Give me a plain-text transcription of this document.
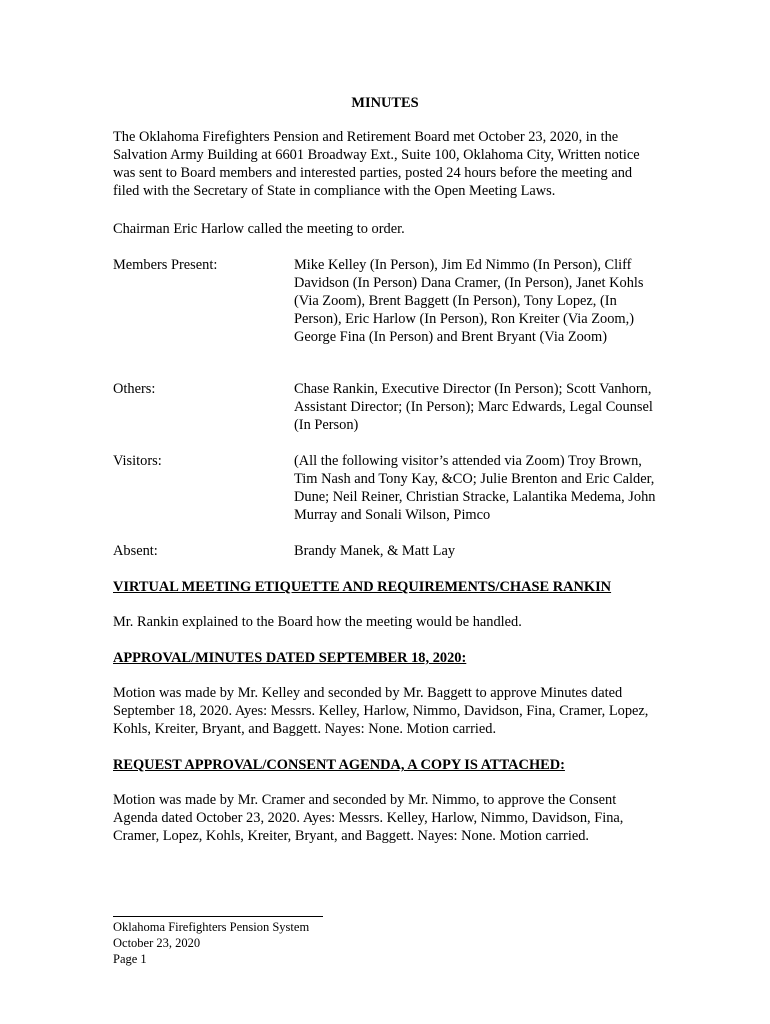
MINUTES

The Oklahoma Firefighters Pension and Retirement Board met October 23, 2020, in the Salvation Army Building at 6601 Broadway Ext., Suite 100, Oklahoma City, Written notice was sent to Board members and interested parties, posted 24 hours before the meeting and filed with the Secretary of State in compliance with the Open Meeting Laws.

Chairman Eric Harlow called the meeting to order.

Members Present:	Mike Kelley (In Person), Jim Ed Nimmo (In Person), Cliff Davidson (In Person) Dana Cramer, (In Person), Janet Kohls (Via Zoom), Brent Baggett (In Person), Tony Lopez, (In Person), Eric Harlow (In Person), Ron Kreiter (Via Zoom,) George Fina (In Person) and Brent Bryant (Via Zoom)
Others:	Chase Rankin, Executive Director (In Person); Scott Vanhorn, Assistant Director; (In Person); Marc Edwards, Legal Counsel (In Person)
Visitors:	(All the following visitor’s attended via Zoom) Troy Brown, Tim Nash and Tony Kay, &CO; Julie Brenton and Eric Calder, Dune; Neil Reiner, Christian Stracke, Lalantika Medema, John Murray and Sonali Wilson, Pimco
Absent:	Brandy Manek, & Matt Lay

VIRTUAL MEETING ETIQUETTE AND REQUIREMENTS/CHASE RANKIN

Mr. Rankin explained to the Board how the meeting would be handled.

APPROVAL/MINUTES DATED SEPTEMBER 18, 2020:

Motion was made by Mr. Kelley and seconded by Mr. Baggett to approve Minutes dated September 18, 2020. Ayes: Messrs. Kelley, Harlow, Nimmo, Davidson, Fina, Cramer, Lopez, Kohls, Kreiter, Bryant, and Baggett. Nayes: None. Motion carried.

REQUEST APPROVAL/CONSENT AGENDA, A COPY IS ATTACHED:

Motion was made by Mr. Cramer and seconded by Mr. Nimmo, to approve the Consent Agenda dated October 23, 2020. Ayes: Messrs. Kelley, Harlow, Nimmo, Davidson, Fina, Cramer, Lopez, Kohls, Kreiter, Bryant, and Baggett. Nayes: None. Motion carried.

Oklahoma Firefighters Pension System
October 23, 2020
Page 1
